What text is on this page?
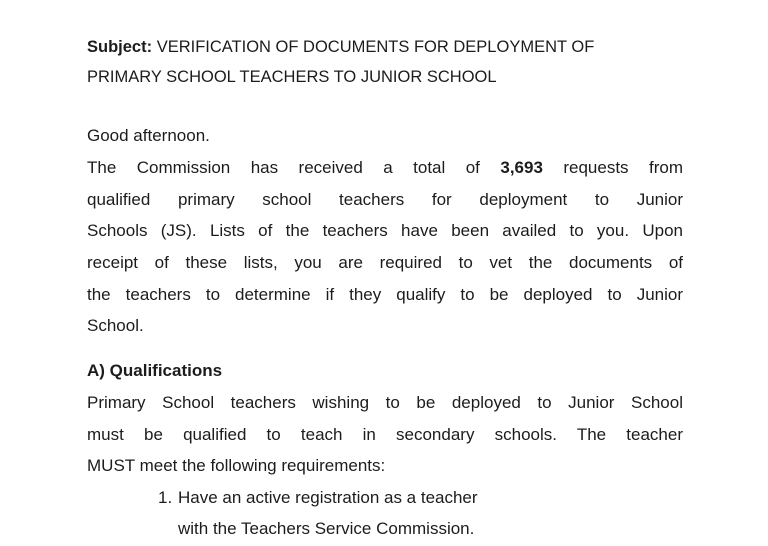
Subject: VERIFICATION OF DOCUMENTS FOR DEPLOYMENT OF
PRIMARY SCHOOL TEACHERS TO JUNIOR SCHOOL
Good afternoon.
The Commission has received a total of 3,693 requests from
qualified primary school teachers for deployment to Junior
Schools (JS). Lists of the teachers have been availed to you. Upon
receipt of these lists, you are required to vet the documents of
the teachers to determine if they qualify to be deployed to Junior
School.
A) Qualifications
Primary School teachers wishing to be deployed to Junior School
must be qualified to teach in secondary schools. The teacher
MUST meet the following requirements:
1. Have an active registration as a teacher
with the Teachers Service Commission.
